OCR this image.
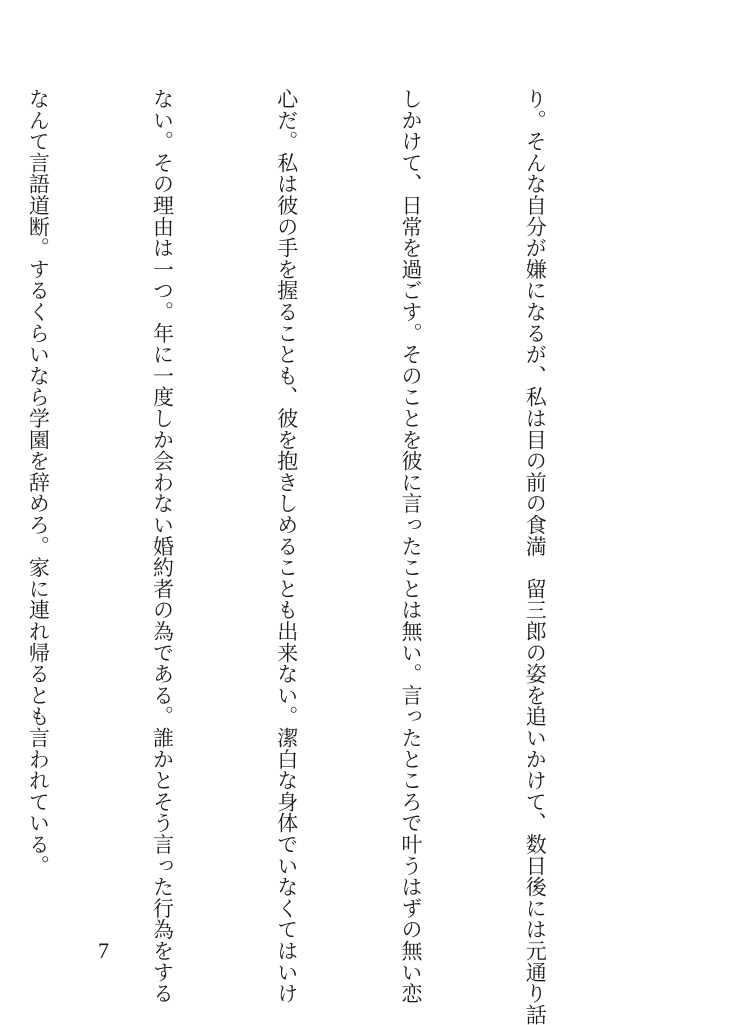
り。そんな自分が嫌になるが、私は目の前の食満　留三郎の姿を追いかけて、数日後には元通り話

しかけて、日常を過ごす。そのことを彼に言ったことは無い。言ったところで叶うはずの無い恋

心だ。私は彼の手を握ることも、彼を抱きしめることも出来ない。潔白な身体でいなくてはいけ

ない。その理由は一つ。年に一度しか会わない婚約者の為である。誰かとそう言った行為をする

なんて言語道断。するくらいなら学園を辞めろ。家に連れ帰るとも言われている。

7
